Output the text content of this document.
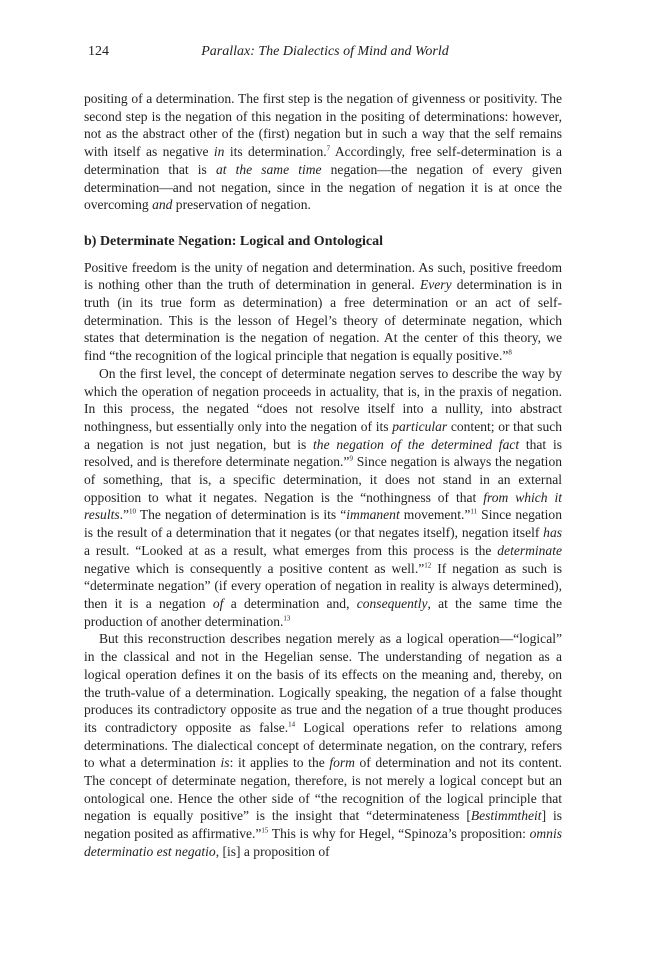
124	Parallax: The Dialectics of Mind and World

positing of a determination. The first step is the negation of givenness or positivity. The second step is the negation of this negation in the positing of determinations: however, not as the abstract other of the (first) negation but in such a way that the self remains with itself as negative in its determination.$^7$ Accordingly, free self-determination is a determination that is at the same time negation—the negation of every given determination—and not negation, since in the negation of negation it is at once the overcoming and preservation of negation.

b) Determinate Negation: Logical and Ontological

Positive freedom is the unity of negation and determination. As such, positive freedom is nothing other than the truth of determination in general. Every determination is in truth (in its true form as determination) a free determination or an act of self-determination. This is the lesson of Hegel’s theory of determinate negation, which states that determination is the negation of negation. At the center of this theory, we find “the recognition of the logical principle that negation is equally positive.”$^8$

On the first level, the concept of determinate negation serves to describe the way by which the operation of negation proceeds in actuality, that is, in the praxis of negation. In this process, the negated “does not resolve itself into a nullity, into abstract nothingness, but essentially only into the negation of its particular content; or that such a negation is not just negation, but is the negation of the determined fact that is resolved, and is therefore determinate negation.”$^9$ Since negation is always the negation of something, that is, a specific determination, it does not stand in an external opposition to what it negates. Negation is the “nothingness of that from which it results.”$^{10}$ The negation of determination is its “immanent movement.”$^{11}$ Since negation is the result of a determination that it negates (or that negates itself), negation itself has a result. “Looked at as a result, what emerges from this process is the determinate negative which is consequently a positive content as well.”$^{12}$ If negation as such is “determinate negation” (if every operation of negation in reality is always determined), then it is a negation of a determination and, consequently, at the same time the production of another determination.$^{13}$

But this reconstruction describes negation merely as a logical operation—“logical” in the classical and not in the Hegelian sense. The understanding of negation as a logical operation defines it on the basis of its effects on the meaning and, thereby, on the truth-value of a determination. Logically speaking, the negation of a false thought produces its contradictory opposite as true and the negation of a true thought produces its contradictory opposite as false.$^{14}$ Logical operations refer to relations among determinations. The dialectical concept of determinate negation, on the contrary, refers to what a determination is: it applies to the form of determination and not its content. The concept of determinate negation, therefore, is not merely a logical concept but an ontological one. Hence the other side of “the recognition of the logical principle that negation is equally positive” is the insight that “determinateness [Bestimmtheit] is negation posited as affirmative.”$^{15}$ This is why for Hegel, “Spinoza’s proposition: omnis determinatio est negatio, [is] a proposition of
